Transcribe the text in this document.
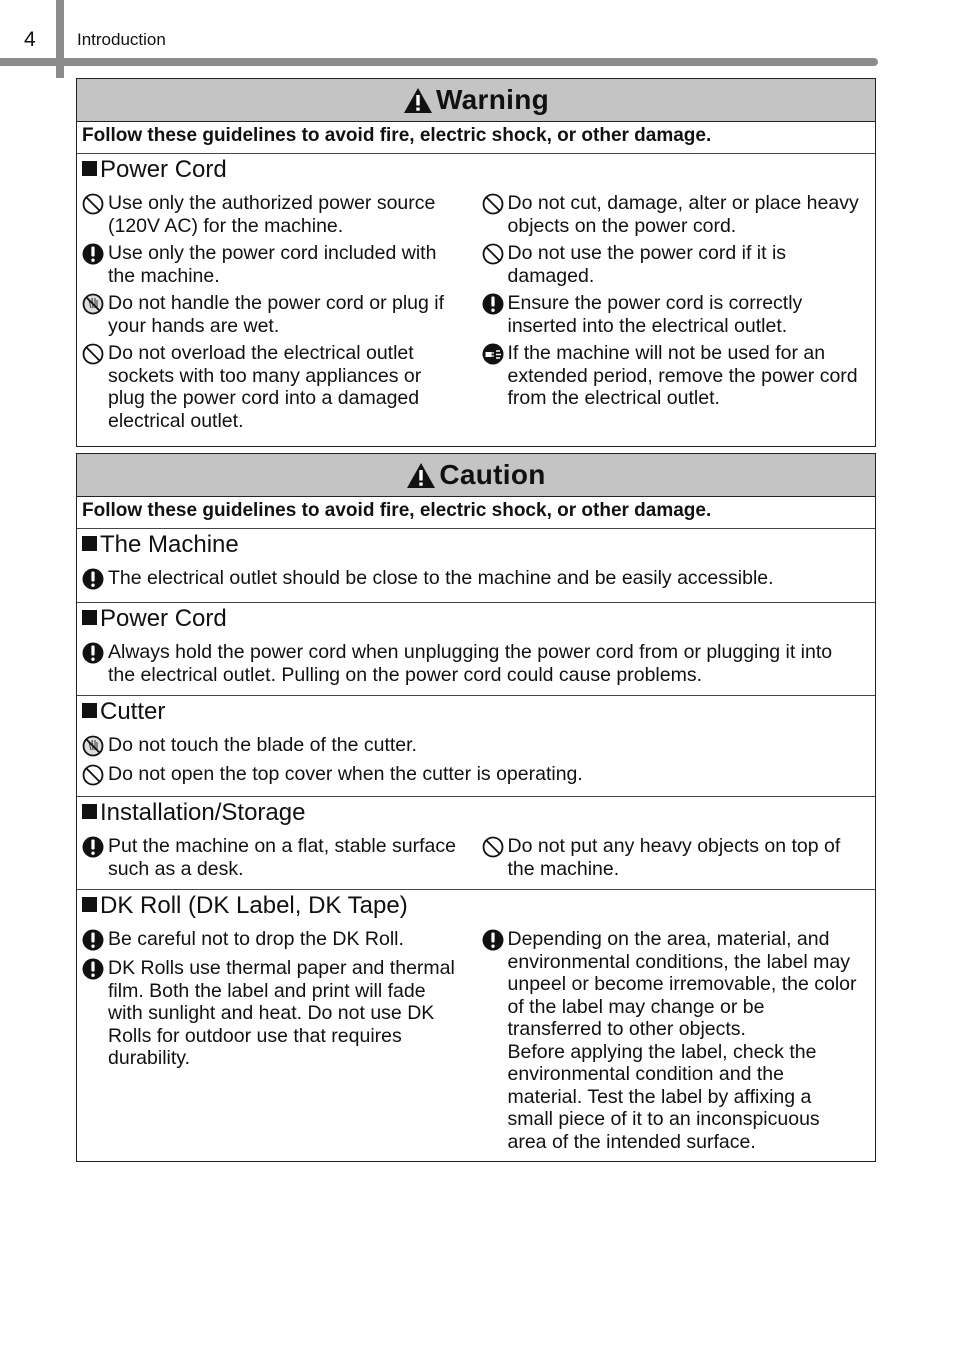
4 Introduction
Warning
Follow these guidelines to avoid fire, electric shock, or other damage.
Power Cord
Use only the authorized power source
(120V AC) for the machine.
Use only the power cord included with
the machine.
Do not handle the power cord or plug if
your hands are wet.
Do not overload the electrical outlet
sockets with too many appliances or
plug the power cord into a damaged
electrical outlet.
Do not cut, damage, alter or place heavy
objects on the power cord.
Do not use the power cord if it is
damaged.
Ensure the power cord is correctly
inserted into the electrical outlet.
If the machine will not be used for an
extended period, remove the power cord
from the electrical outlet.
Caution
Follow these guidelines to avoid fire, electric shock, or other damage.
The Machine
The electrical outlet should be close to the machine and be easily accessible.
Power Cord
Always hold the power cord when unplugging the power cord from or plugging it into
the electrical outlet. Pulling on the power cord could cause problems.
Cutter
Do not touch the blade of the cutter.
Do not open the top cover when the cutter is operating.
Installation/Storage
Put the machine on a flat, stable surface
such as a desk.
Do not put any heavy objects on top of
the machine.
DK Roll (DK Label, DK Tape)
Be careful not to drop the DK Roll.
DK Rolls use thermal paper and thermal
film. Both the label and print will fade
with sunlight and heat. Do not use DK
Rolls for outdoor use that requires
durability.
Depending on the area, material, and
environmental conditions, the label may
unpeel or become irremovable, the color
of the label may change or be
transferred to other objects.
Before applying the label, check the
environmental condition and the
material. Test the label by affixing a
small piece of it to an inconspicuous
area of the intended surface.
